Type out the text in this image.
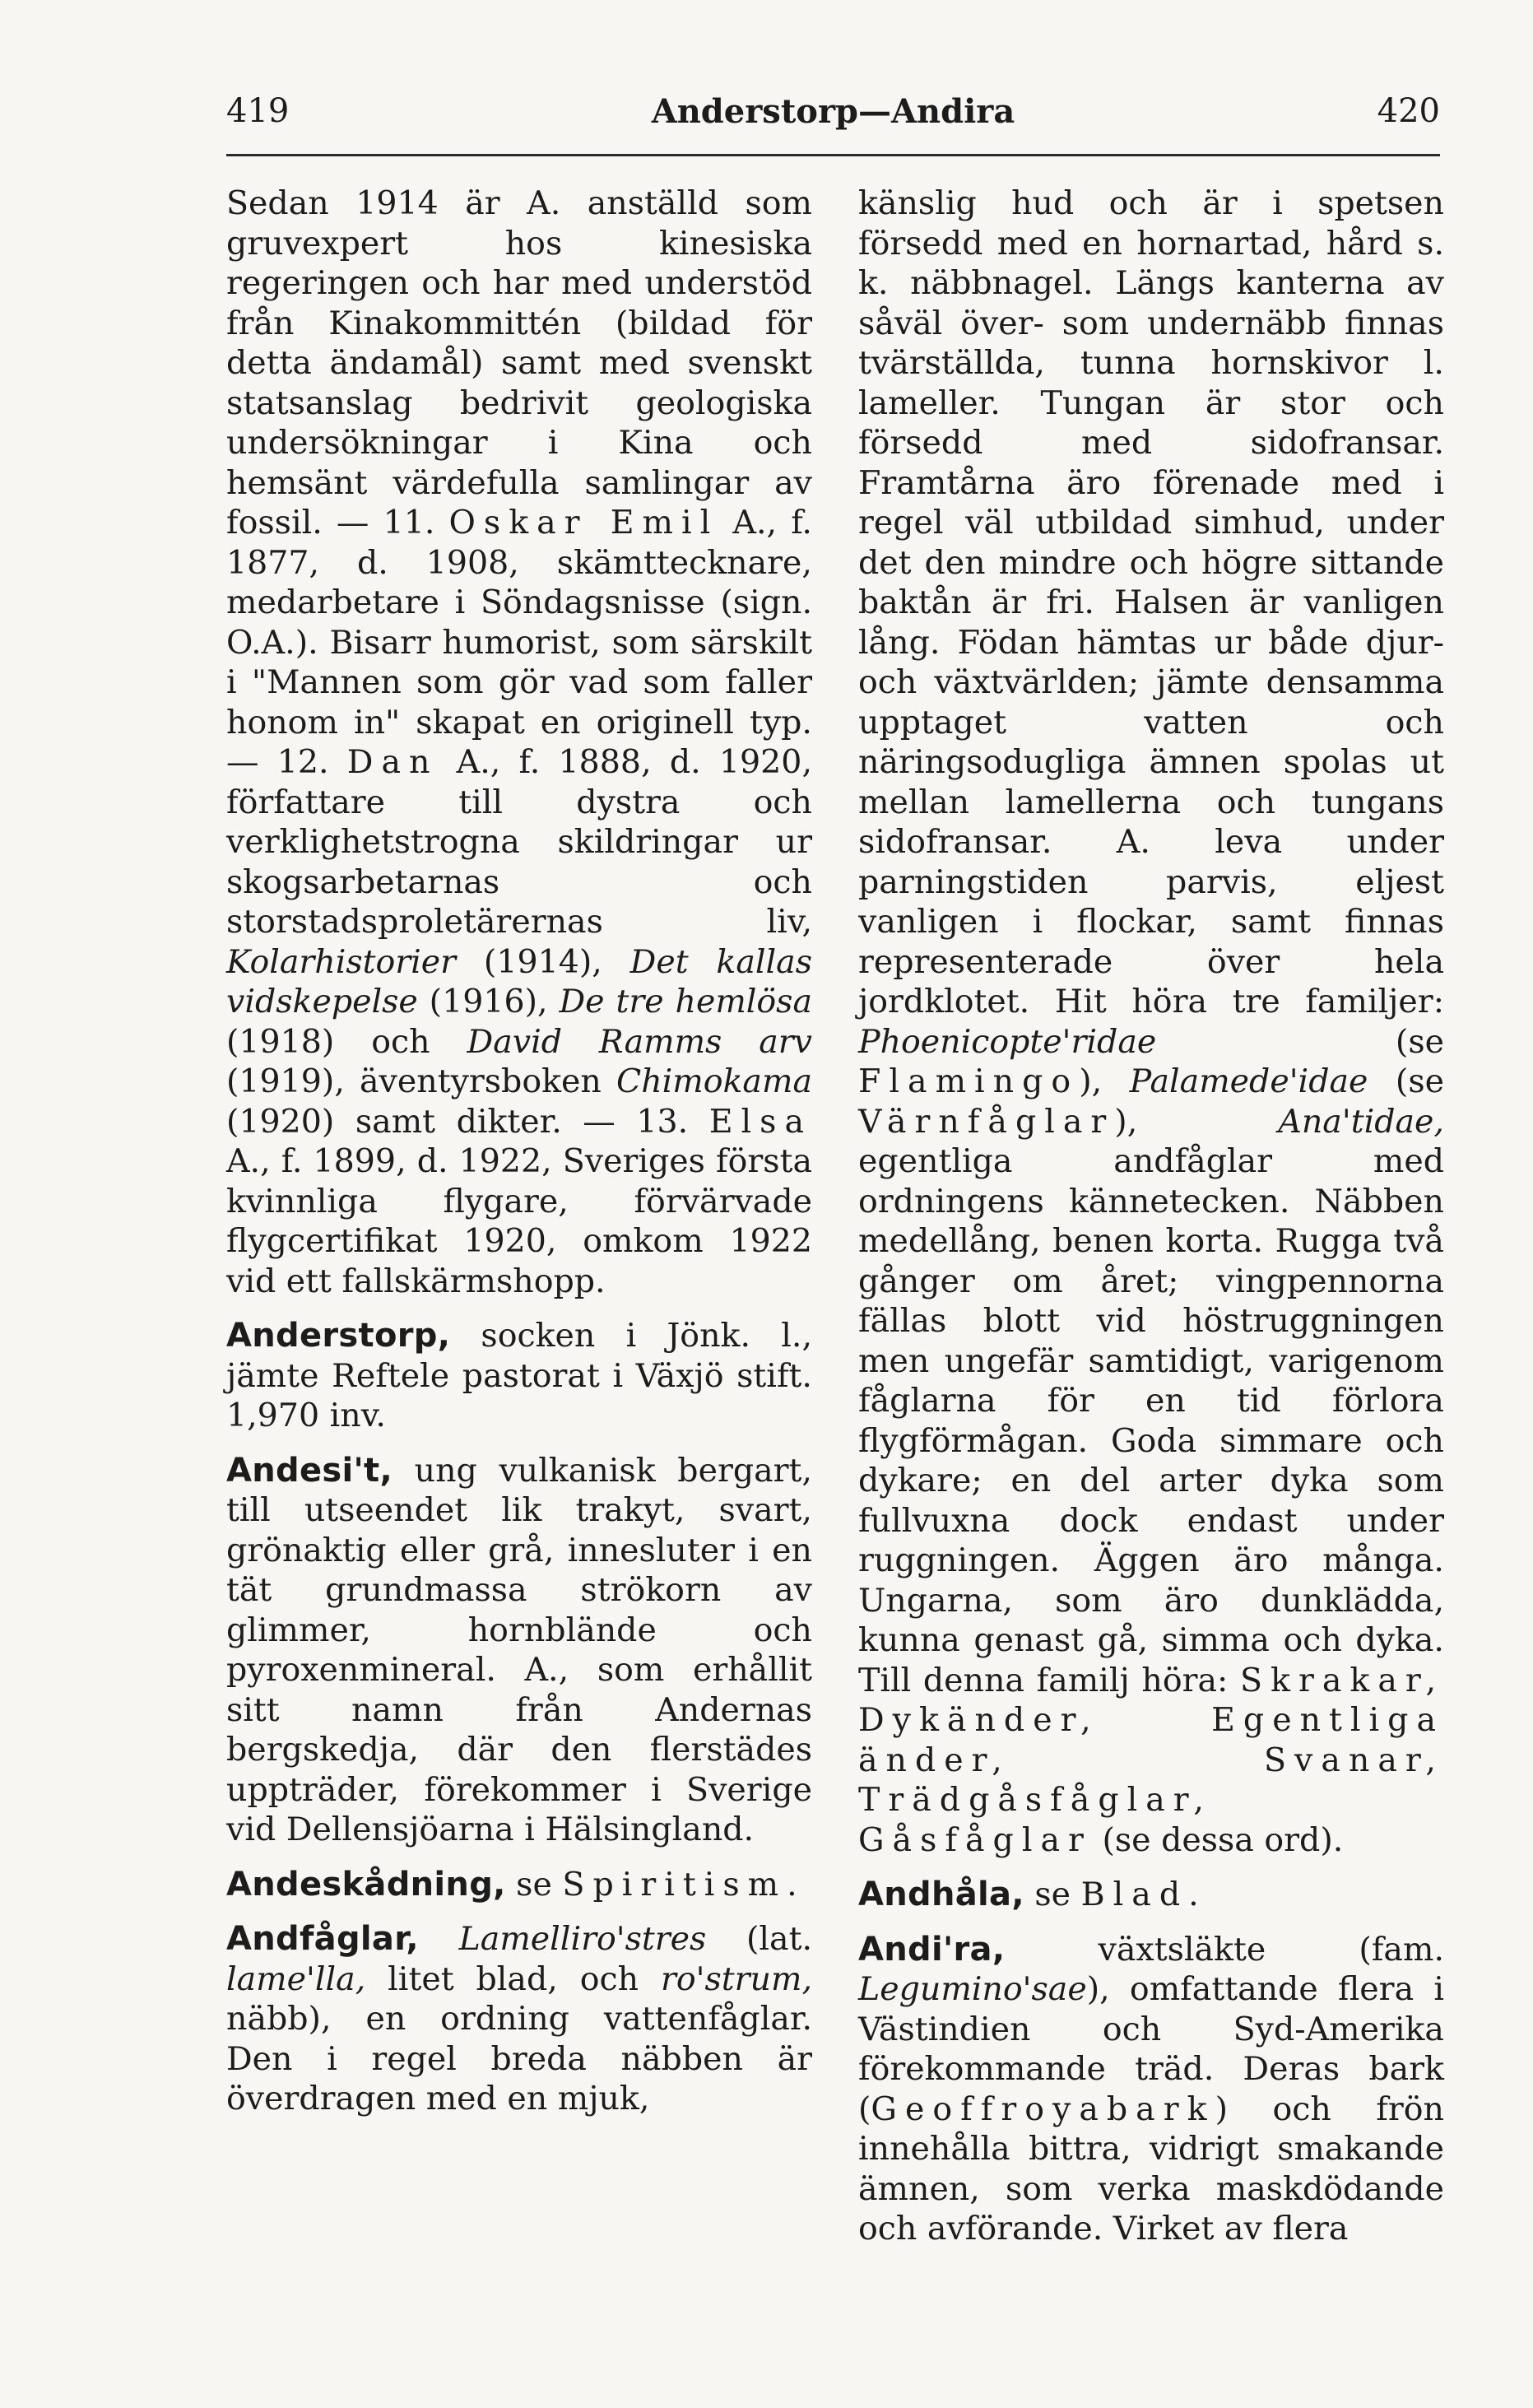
419	Anderstorp—Andira	420

Sedan 1914 är A. anställd som gruvexpert hos kinesiska regeringen och har med understöd från Kinakommittén (bildad för detta ändamål) samt med svenskt statsanslag bedrivit geologiska undersökningar i Kina och hemsänt värdefulla samlingar av fossil. — 11. Oskar Emil A., f. 1877, d. 1908, skämttecknare, medarbetare i Söndagsnisse (sign. O.A.). Bisarr humorist, som särskilt i "Mannen som gör vad som faller honom in" skapat en originell typ. — 12. Dan A., f. 1888, d. 1920, författare till dystra och verklighetstrogna skildringar ur skogsarbetarnas och storstadsproletärernas liv, Kolarhistorier (1914), Det kallas vidskepelse (1916), De tre hemlösa (1918) och David Ramms arv (1919), äventyrsboken Chimokama (1920) samt dikter. — 13. Elsa A., f. 1899, d. 1922, Sveriges första kvinnliga flygare, förvärvade flygcertifikat 1920, omkom 1922 vid ett fallskärmshopp.

Anderstorp, socken i Jönk. l., jämte Reftele pastorat i Växjö stift. 1,970 inv.

Andesi't, ung vulkanisk bergart, till utseendet lik trakyt, svart, grönaktig eller grå, innesluter i en tät grundmassa strökorn av glimmer, hornblände och pyroxenmineral. A., som erhållit sitt namn från Andernas bergskedja, där den flerstädes uppträder, förekommer i Sverige vid Dellensjöarna i Hälsingland.

Andeskådning, se Spiritism.

Andfåglar, Lamelliro'stres (lat. lame'lla, litet blad, och ro'strum, näbb), en ordning vattenfåglar. Den i regel breda näbben är överdragen med en mjuk,

känslig hud och är i spetsen försedd med en hornartad, hård s. k. näbbnagel. Längs kanterna av såväl över- som undernäbb finnas tvärställda, tunna hornskivor l. lameller. Tungan är stor och försedd med sidofransar. Framtårna äro förenade med i regel väl utbildad simhud, under det den mindre och högre sittande baktån är fri. Halsen är vanligen lång. Födan hämtas ur både djur- och växtvärlden; jämte densamma upptaget vatten och näringsodugliga ämnen spolas ut mellan lamellerna och tungans sidofransar. A. leva under parningstiden parvis, eljest vanligen i flockar, samt finnas representerade över hela jordklotet. Hit höra tre familjer: Phoenicopte'ridae (se Flamingo), Palamede'idae (se Värnfåglar), Ana'tidae, egentliga andfåglar med ordningens kännetecken. Näbben medellång, benen korta. Rugga två gånger om året; vingpennorna fällas blott vid höstruggningen men ungefär samtidigt, varigenom fåglarna för en tid förlora flygförmågan. Goda simmare och dykare; en del arter dyka som fullvuxna dock endast under ruggningen. Äggen äro många. Ungarna, som äro dunklädda, kunna genast gå, simma och dyka. Till denna familj höra: Skrakar, Dykänder, Egentliga änder, Svanar, Trädgåsfåglar, Gåsfåglar (se dessa ord).

Andhåla, se Blad.

Andi'ra, växtsläkte (fam. Legumino'sae), omfattande flera i Västindien och Syd-Amerika förekommande träd. Deras bark (Geoffroyabark) och frön innehålla bittra, vidrigt smakande ämnen, som verka maskdödande och avförande. Virket av flera
